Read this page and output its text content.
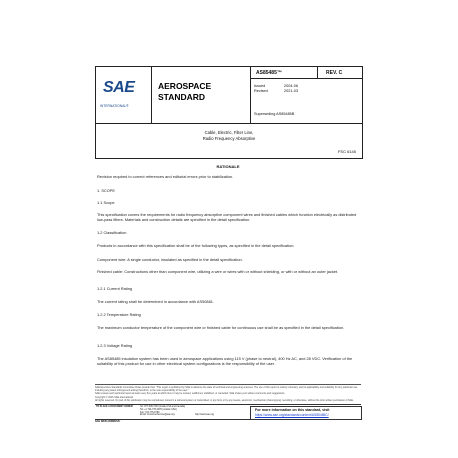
SAE
INTERNATIONAL®
AEROSPACE
STANDARD
AS85485™	REV. C
Issued	2004-06
Revised	2021-03
Superseding AS85485B
Cable, Electric, Filter Line,
Radio Frequency Absorptive
FSC 6145
RATIONALE
Revision required to correct references and editorial errors prior to stabilization.
1. SCOPE
1.1 Scope
This specification covers the requirements for radio frequency absorptive component wires and finished cables which function electrically as distributed low-pass filters. Materials and construction details are specified in the detail specification.
1.2 Classification
Products in accordance with this specification shall be of the following types, as specified in the detail specification.
Component wire: A single conductor, insulated as specified in the detail specification.
Finished cable: Constructions other than component wire, utilizing a wire or wires with or without shielding, or with or without an outer jacket.
1.2.1 Current Rating
The current rating shall be determined in accordance with AS50881.
1.2.2 Temperature Rating
The maximum conductor temperature of the component wire or finished cable for continuous use shall be as specified in the detail specification.
1.2.3 Voltage Rating
The AS85485 insulation system has been used in aerospace applications using 115 V (phase to neutral), 400 Hz AC, and 28 VDC. Verification of the suitability of this product for use in other electrical system configurations is the responsibility of the user.
SAE Executive Standards Committee Rules provide that: "This report is published by SAE to advance the state of technical and engineering sciences. The use of this report is entirely voluntary, and its applicability and suitability for any particular use, including any patent infringement arising therefrom, is the sole responsibility of the user."
SAE reviews each technical report at least every five years at which time it may be revised, reaffirmed, stabilized, or cancelled. SAE invites your written comments and suggestions.
Copyright © 2021 SAE International
All rights reserved. No part of this publication may be reproduced, stored in a retrieval system or transmitted, in any form or by any means, electronic, mechanical, photocopying, recording, or otherwise, without the prior written permission of SAE.
TO PLACE A DOCUMENT ORDER:	Tel: 877-606-7323 (inside USA and Canada)
Tel: +1 724-776-4970 (outside USA)
Fax: 724-776-0790
Email: CustomerService@sae.org	http://www.sae.org
For more information on this standard, visit
https://www.sae.org/standards/content/AS85485C/
SAE WEB ADDRESS:
